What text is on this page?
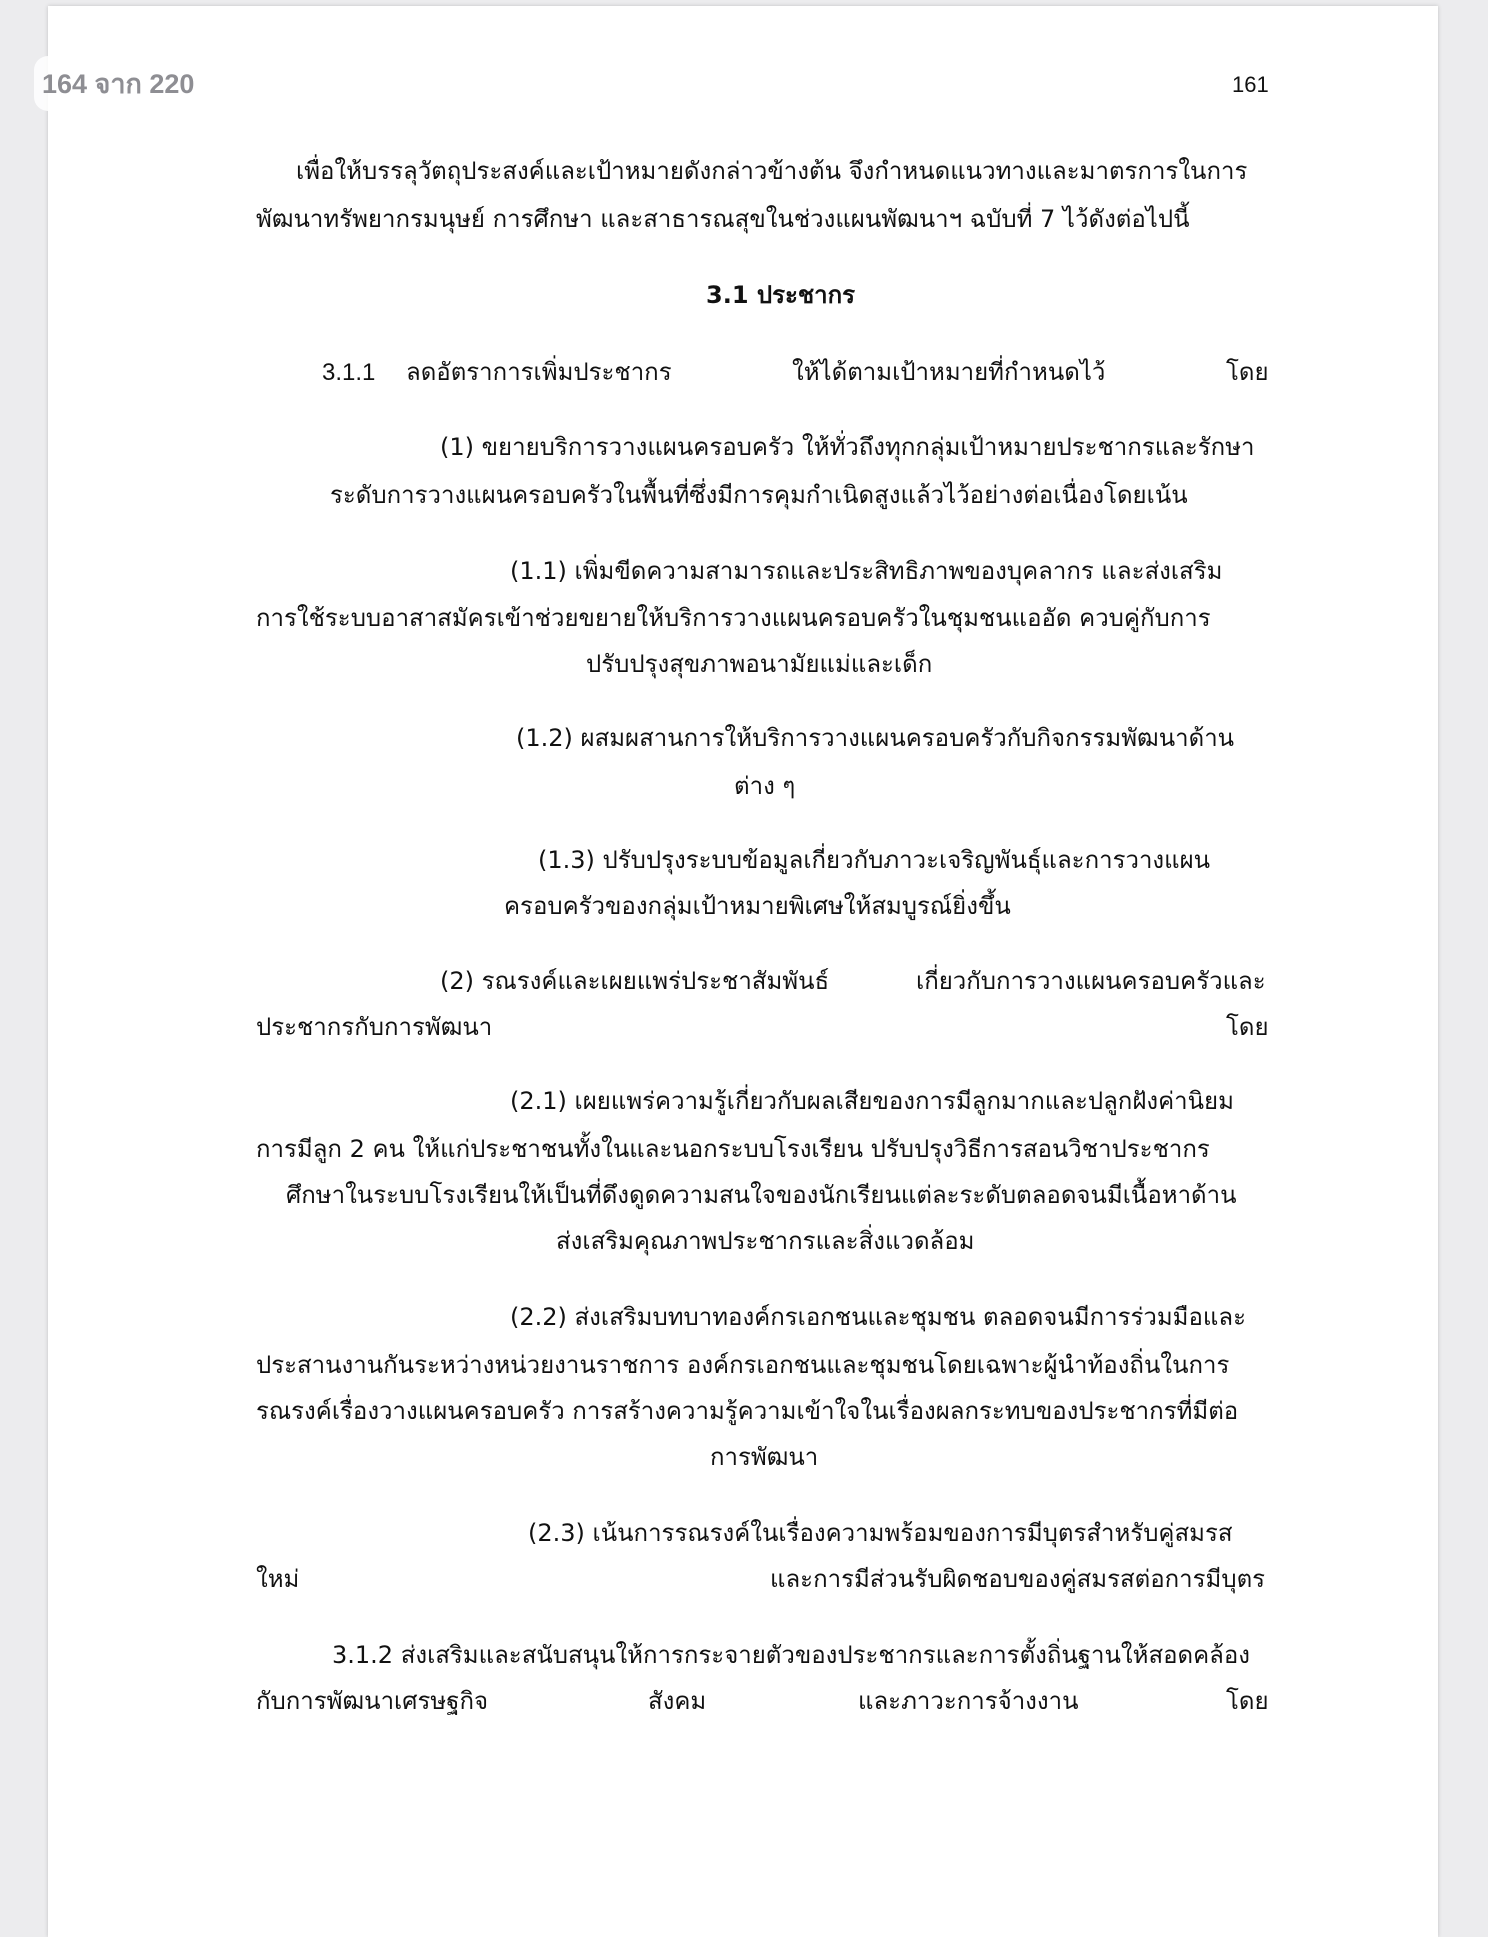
164 จาก 220	161
เพื่อให้บรรลุวัตถุประสงค์และเป้าหมายดังกล่าวข้างต้น จึงกำหนดแนวทางและมาตรการในการ
พัฒนาทรัพยากรมนุษย์ การศึกษา และสาธารณสุขในช่วงแผนพัฒนาฯ ฉบับที่ 7 ไว้ดังต่อไปนี้
3.1 ประชากร
3.1.1 ลดอัตราการเพิ่มประชากร	ให้ได้ตามเป้าหมายที่กำหนดไว้	โดย
(1) ขยายบริการวางแผนครอบครัว ให้ทั่วถึงทุกกลุ่มเป้าหมายประชากรและรักษา
ระดับการวางแผนครอบครัวในพื้นที่ซึ่งมีการคุมกำเนิดสูงแล้วไว้อย่างต่อเนื่องโดยเน้น
(1.1) เพิ่มขีดความสามารถและประสิทธิภาพของบุคลากร และส่งเสริม
การใช้ระบบอาสาสมัครเข้าช่วยขยายให้บริการวางแผนครอบครัวในชุมชนแออัด ควบคู่กับการ
ปรับปรุงสุขภาพอนามัยแม่และเด็ก
(1.2) ผสมผสานการให้บริการวางแผนครอบครัวกับกิจกรรมพัฒนาด้าน
ต่าง ๆ
(1.3) ปรับปรุงระบบข้อมูลเกี่ยวกับภาวะเจริญพันธุ์และการวางแผน
ครอบครัวของกลุ่มเป้าหมายพิเศษให้สมบูรณ์ยิ่งขึ้น
(2) รณรงค์และเผยแพร่ประชาสัมพันธ์	เกี่ยวกับการวางแผนครอบครัวและ
ประชากรกับการพัฒนา	โดย
(2.1) เผยแพร่ความรู้เกี่ยวกับผลเสียของการมีลูกมากและปลูกฝังค่านิยม
การมีลูก 2 คน ให้แก่ประชาชนทั้งในและนอกระบบโรงเรียน ปรับปรุงวิธีการสอนวิชาประชากร
ศึกษาในระบบโรงเรียนให้เป็นที่ดึงดูดความสนใจของนักเรียนแต่ละระดับตลอดจนมีเนื้อหาด้าน
ส่งเสริมคุณภาพประชากรและสิ่งแวดล้อม
(2.2) ส่งเสริมบทบาทองค์กรเอกชนและชุมชน ตลอดจนมีการร่วมมือและ
ประสานงานกันระหว่างหน่วยงานราชการ องค์กรเอกชนและชุมชนโดยเฉพาะผู้นำท้องถิ่นในการ
รณรงค์เรื่องวางแผนครอบครัว การสร้างความรู้ความเข้าใจในเรื่องผลกระทบของประชากรที่มีต่อ
การพัฒนา
(2.3) เน้นการรณรงค์ในเรื่องความพร้อมของการมีบุตรสำหรับคู่สมรส
ใหม่	และการมีส่วนรับผิดชอบของคู่สมรสต่อการมีบุตร
3.1.2 ส่งเสริมและสนับสนุนให้การกระจายตัวของประชากรและการตั้งถิ่นฐานให้สอดคล้อง
กับการพัฒนาเศรษฐกิจ	สังคม	และภาวะการจ้างงาน	โดย
